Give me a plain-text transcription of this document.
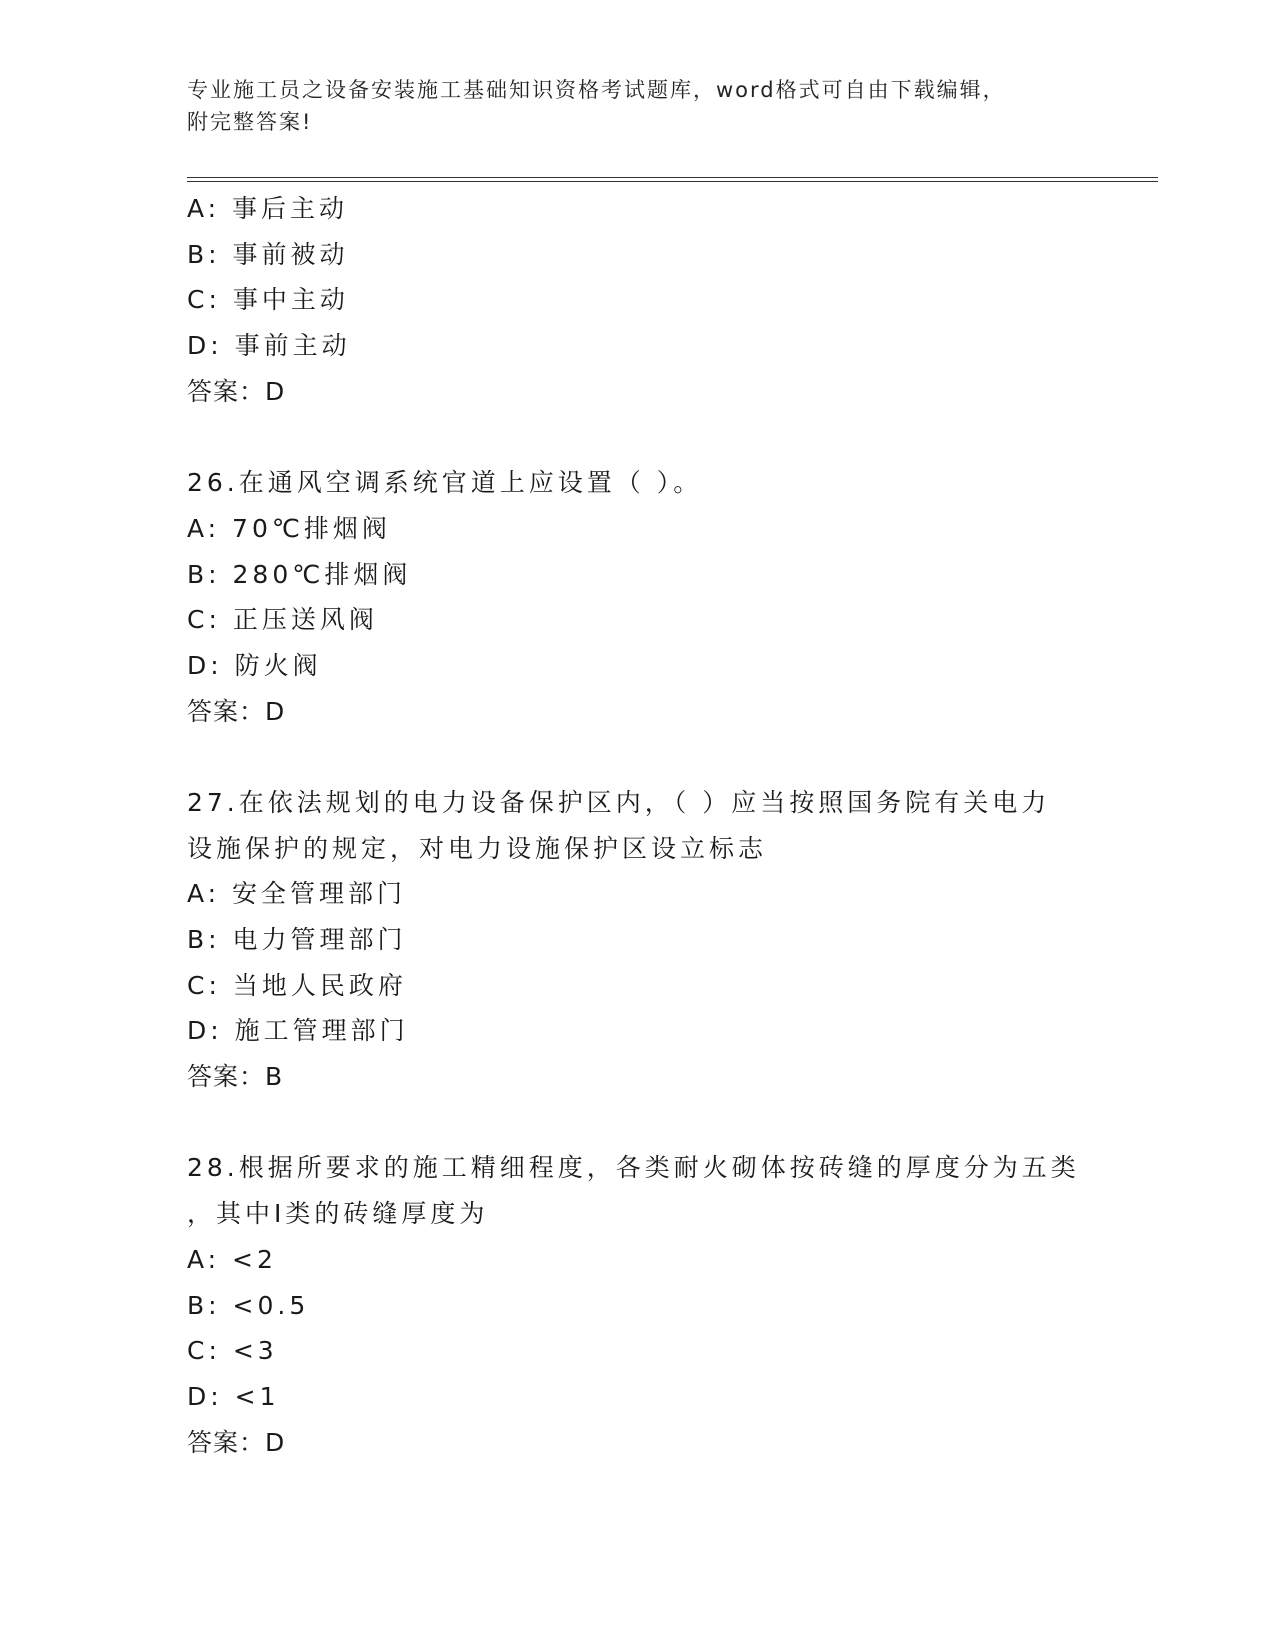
专业施工员之设备安装施工基础知识资格考试题库，word格式可自由下载编辑，
附完整答案!
A: 事后主动
B: 事前被动
C: 事中主动
D: 事前主动
答案：D
26.在通风空调系统官道上应设置（ ）。
A: 70℃排烟阀
B: 280℃排烟阀
C: 正压送风阀
D: 防火阀
答案：D
27.在依法规划的电力设备保护区内，（ ）应当按照国务院有关电力
设施保护的规定，对电力设施保护区设立标志
A: 安全管理部门
B: 电力管理部门
C: 当地人民政府
D: 施工管理部门
答案：B
28.根据所要求的施工精细程度，各类耐火砌体按砖缝的厚度分为五类
，其中Ⅰ类的砖缝厚度为
A: <2
B: <0.5
C: <3
D: <1
答案：D
